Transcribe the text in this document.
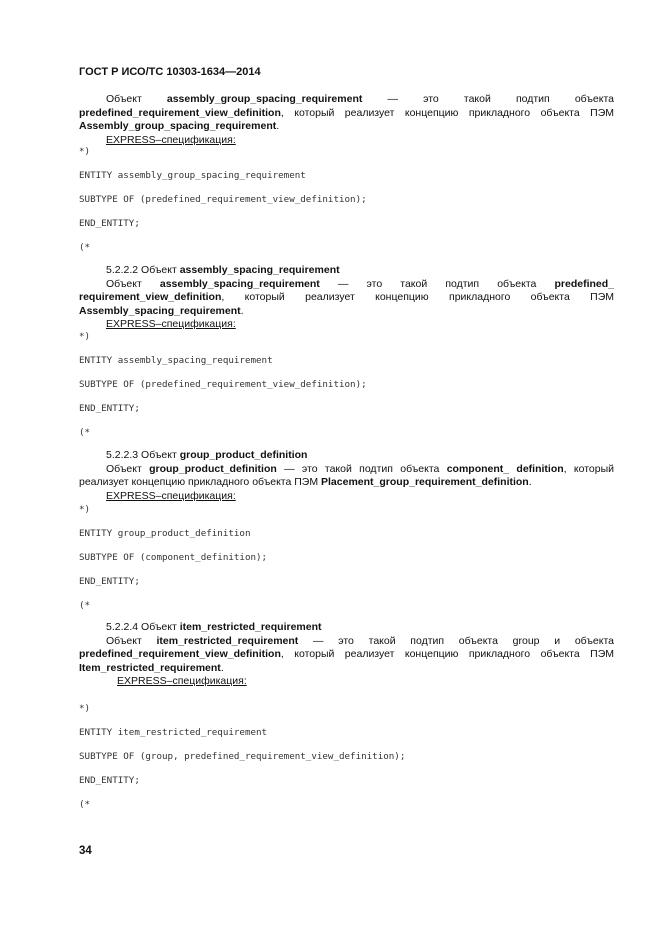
ГОСТ Р ИСО/ТС 10303-1634—2014

Объект assembly_group_spacing_requirement — это такой подтип объекта predefined_requirement_view_definition, который реализует концепцию прикладного объекта ПЭМ Assembly_group_spacing_requirement.

EXPRESS–спецификация:

*)

ENTITY assembly_group_spacing_requirement

SUBTYPE OF (predefined_requirement_view_definition);

END_ENTITY;

(*

5.2.2.2 Объект assembly_spacing_requirement

Объект assembly_spacing_requirement — это такой подтип объекта predefined_ requirement_view_definition, который реализует концепцию прикладного объекта ПЭМ Assembly_spacing_requirement.

EXPRESS–спецификация:

*)

ENTITY assembly_spacing_requirement

SUBTYPE OF (predefined_requirement_view_definition);

END_ENTITY;

(*

5.2.2.3 Объект group_product_definition

Объект group_product_definition — это такой подтип объекта component_ definition, который реализует концепцию прикладного объекта ПЭМ Placement_group_requirement_definition.

EXPRESS–спецификация:

*)

ENTITY group_product_definition

SUBTYPE OF (component_definition);

END_ENTITY;

(*

5.2.2.4 Объект item_restricted_requirement

Объект item_restricted_requirement — это такой подтип объекта group и объекта predefined_requirement_view_definition, который реализует концепцию прикладного объекта ПЭМ Item_restricted_requirement.

EXPRESS–спецификация:

*)

ENTITY item_restricted_requirement

SUBTYPE OF (group, predefined_requirement_view_definition);

END_ENTITY;

(*

34
